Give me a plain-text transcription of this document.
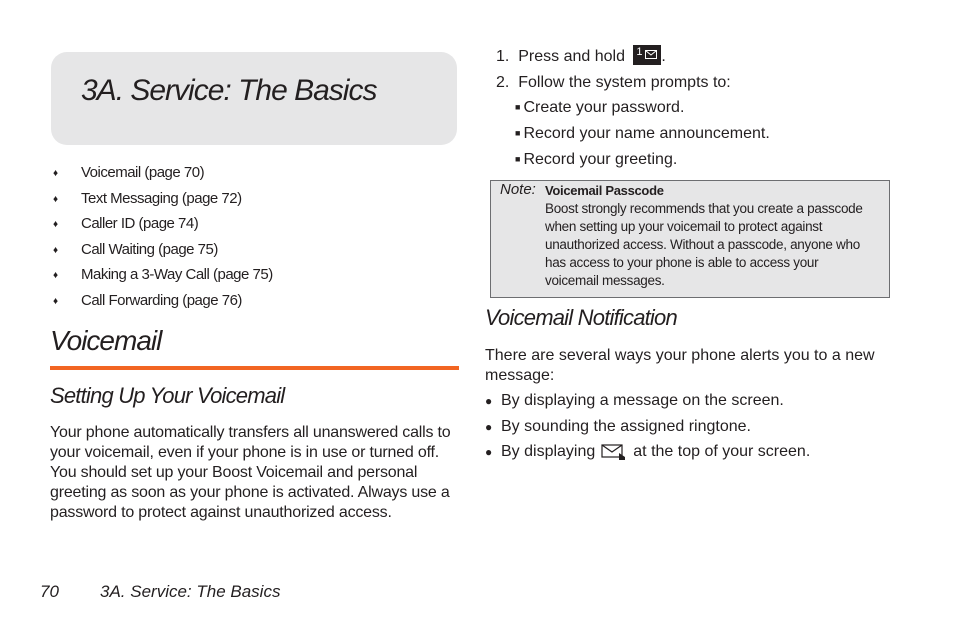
3A. Service: The Basics
♦ Voicemail (page 70)
♦ Text Messaging (page 72)
♦ Caller ID (page 74)
♦ Call Waiting (page 75)
♦ Making a 3-Way Call (page 75)
♦ Call Forwarding (page 76)
Voicemail
Setting Up Your Voicemail
Your phone automatically transfers all unanswered calls to your voicemail, even if your phone is in use or turned off. You should set up your Boost Voicemail and personal greeting as soon as your phone is activated. Always use a password to protect against unauthorized access.
70 3A. Service: The Basics
1. Press and hold 1 .
2. Follow the system prompts to:
■ Create your password.
■ Record your name announcement.
■ Record your greeting.
Note: Voicemail Passcode
Boost strongly recommends that you create a passcode when setting up your voicemail to protect against unauthorized access. Without a passcode, anyone who has access to your phone is able to access your voicemail messages.
Voicemail Notification
There are several ways your phone alerts you to a new message:
● By displaying a message on the screen.
● By sounding the assigned ringtone.
● By displaying at the top of your screen.
